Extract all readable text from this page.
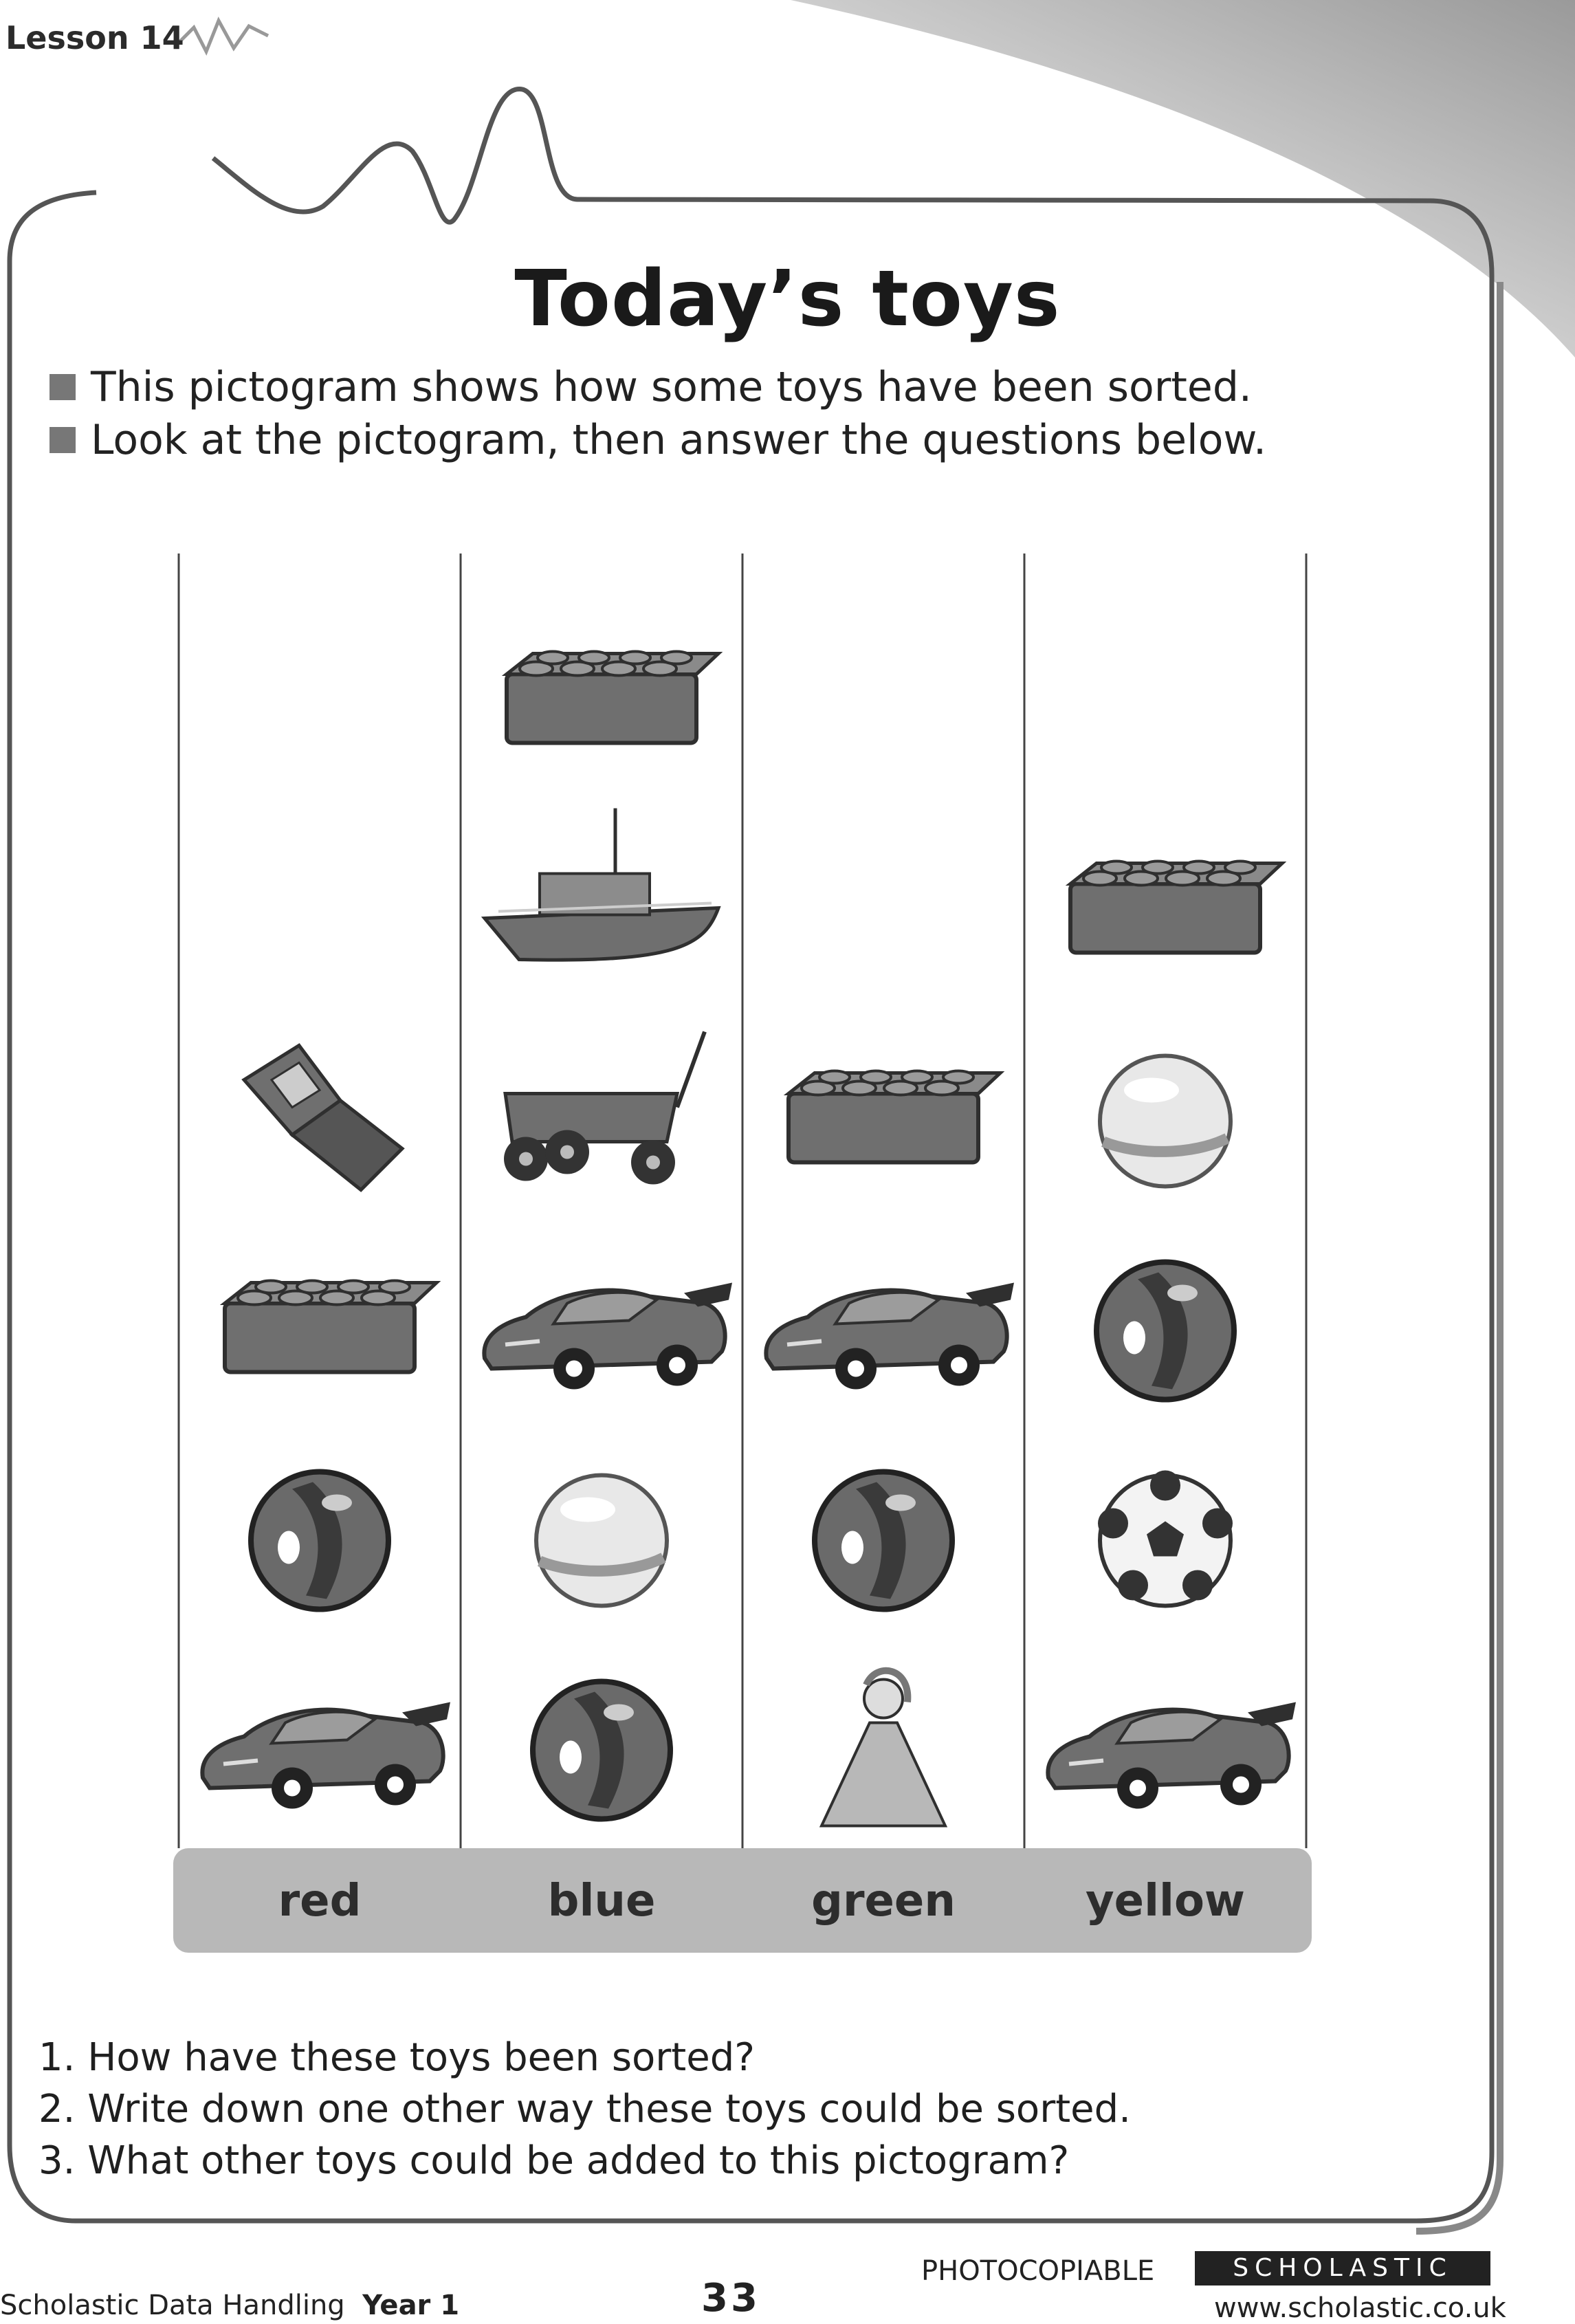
Lesson 14
Today’s toys
This pictogram shows how some toys have been sorted.
Look at the pictogram, then answer the questions below.
red	blue	green	yellow
1. How have these toys been sorted?
2. Write down one other way these toys could be sorted.
3. What other toys could be added to this pictogram?
Scholastic Data Handling Year 1	33
PHOTOCOPIABLE	SCHOLASTIC
www.scholastic.co.uk
